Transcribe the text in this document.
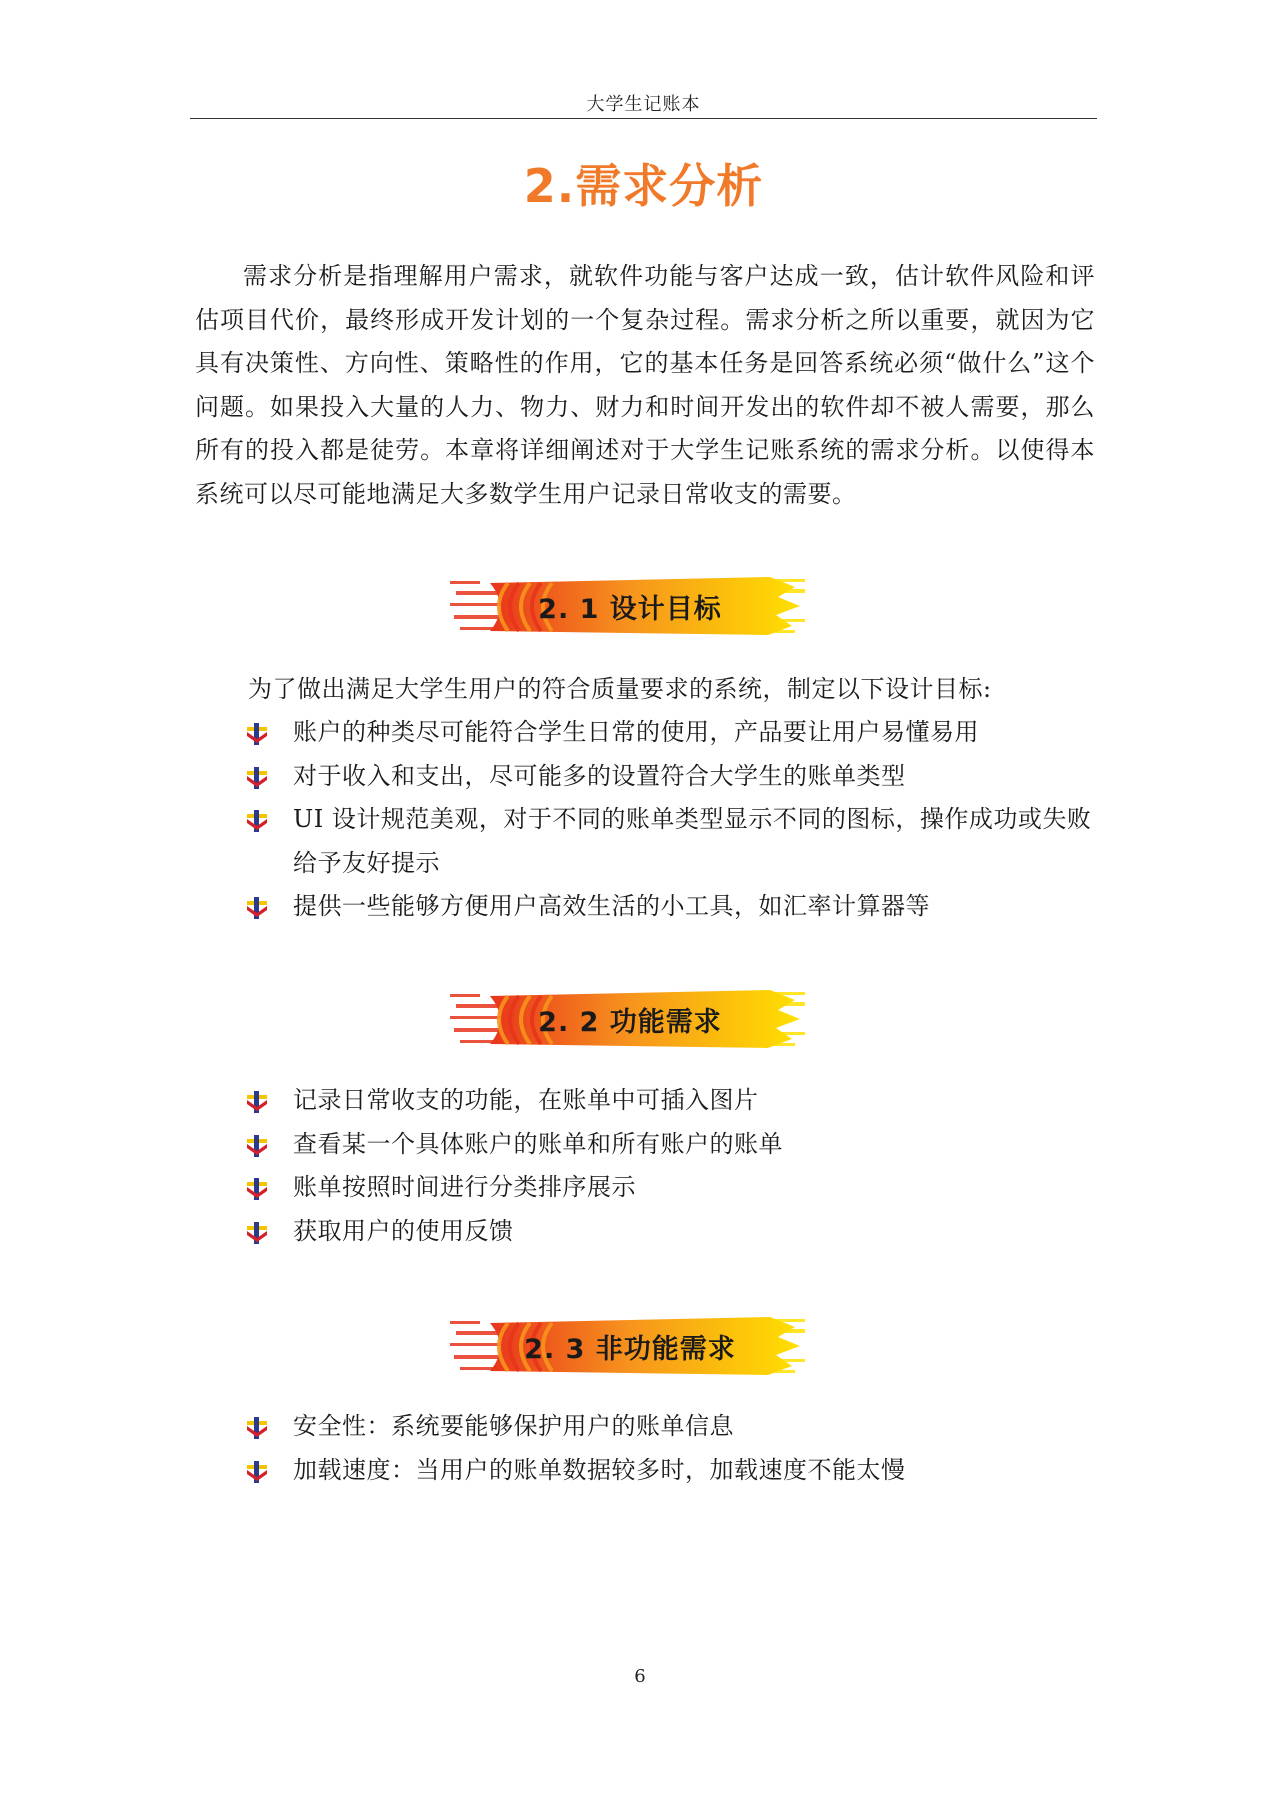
大学生记账本
2.需求分析

需求分析是指理解用户需求，就软件功能与客户达成一致，估计软件风险和评估项目代价，最终形成开发计划的一个复杂过程。需求分析之所以重要，就因为它具有决策性、方向性、策略性的作用，它的基本任务是回答系统必须“做什么”这个问题。如果投入大量的人力、物力、财力和时间开发出的软件却不被人需要，那么所有的投入都是徒劳。本章将详细阐述对于大学生记账系统的需求分析。以使得本系统可以尽可能地满足大多数学生用户记录日常收支的需要。

2. 1 设计目标
为了做出满足大学生用户的符合质量要求的系统，制定以下设计目标:
账户的种类尽可能符合学生日常的使用，产品要让用户易懂易用
对于收入和支出，尽可能多的设置符合大学生的账单类型
UI 设计规范美观，对于不同的账单类型显示不同的图标，操作成功或失败给予友好提示
提供一些能够方便用户高效生活的小工具，如汇率计算器等
2. 2 功能需求
记录日常收支的功能，在账单中可插入图片
查看某一个具体账户的账单和所有账户的账单
账单按照时间进行分类排序展示
获取用户的使用反馈
2. 3 非功能需求
安全性：系统要能够保护用户的账单信息
加载速度：当用户的账单数据较多时，加载速度不能太慢
6
